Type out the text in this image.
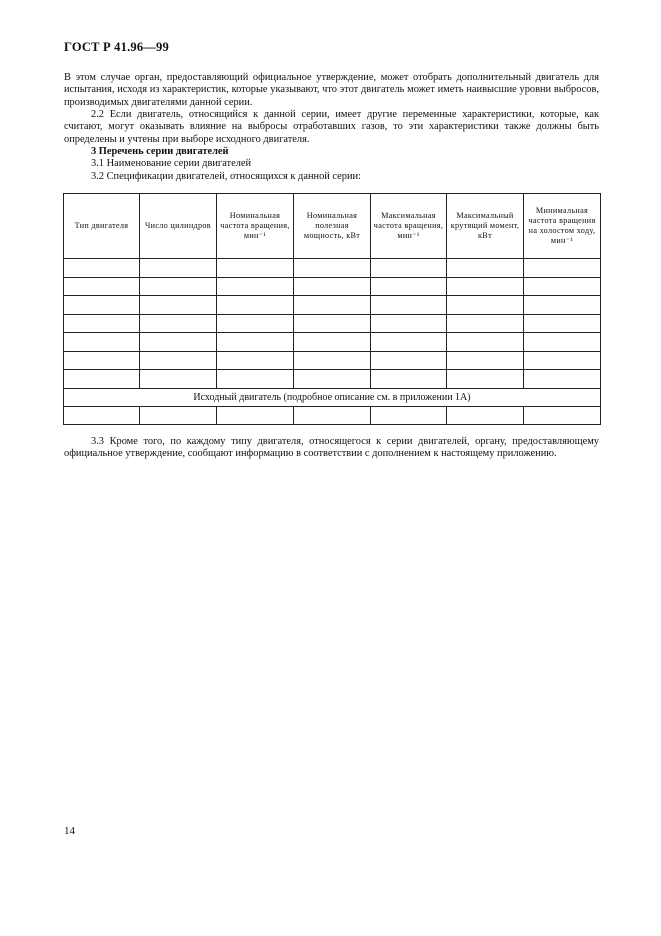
ГОСТ Р 41.96—99

В этом случае орган, предоставляющий официальное утверждение, может отобрать дополнительный двигатель для испытания, исходя из характеристик, которые указывают, что этот двигатель может иметь наивысшие уровни выбросов, производимых двигателями данной серии.

2.2 Если двигатель, относящийся к данной серии, имеет другие переменные характеристики, которые, как считают, могут оказывать влияние на выбросы отработавших газов, то эти характеристики также должны быть определены и учтены при выборе исходного двигателя.

3 Перечень серии двигателей

3.1 Наименование серии двигателей

3.2 Спецификации двигателей, относящихся к данной серии:

Тип двигателя	Число цилиндров	Номинальная частота вращения, мин⁻¹	Номинальная полезная мощность, кВт	Максимальная частота вращения, мин⁻¹	Максимальный крутящий момент, кВт	Минимальная частота вращения на холостом ходу, мин⁻¹

Исходный двигатель (подробное описание см. в приложении 1А)						

3.3 Кроме того, по каждому типу двигателя, относящегося к серии двигателей, органу, предоставляющему официальное утверждение, сообщают информацию в соответствии с дополнением к настоящему приложению.

14
